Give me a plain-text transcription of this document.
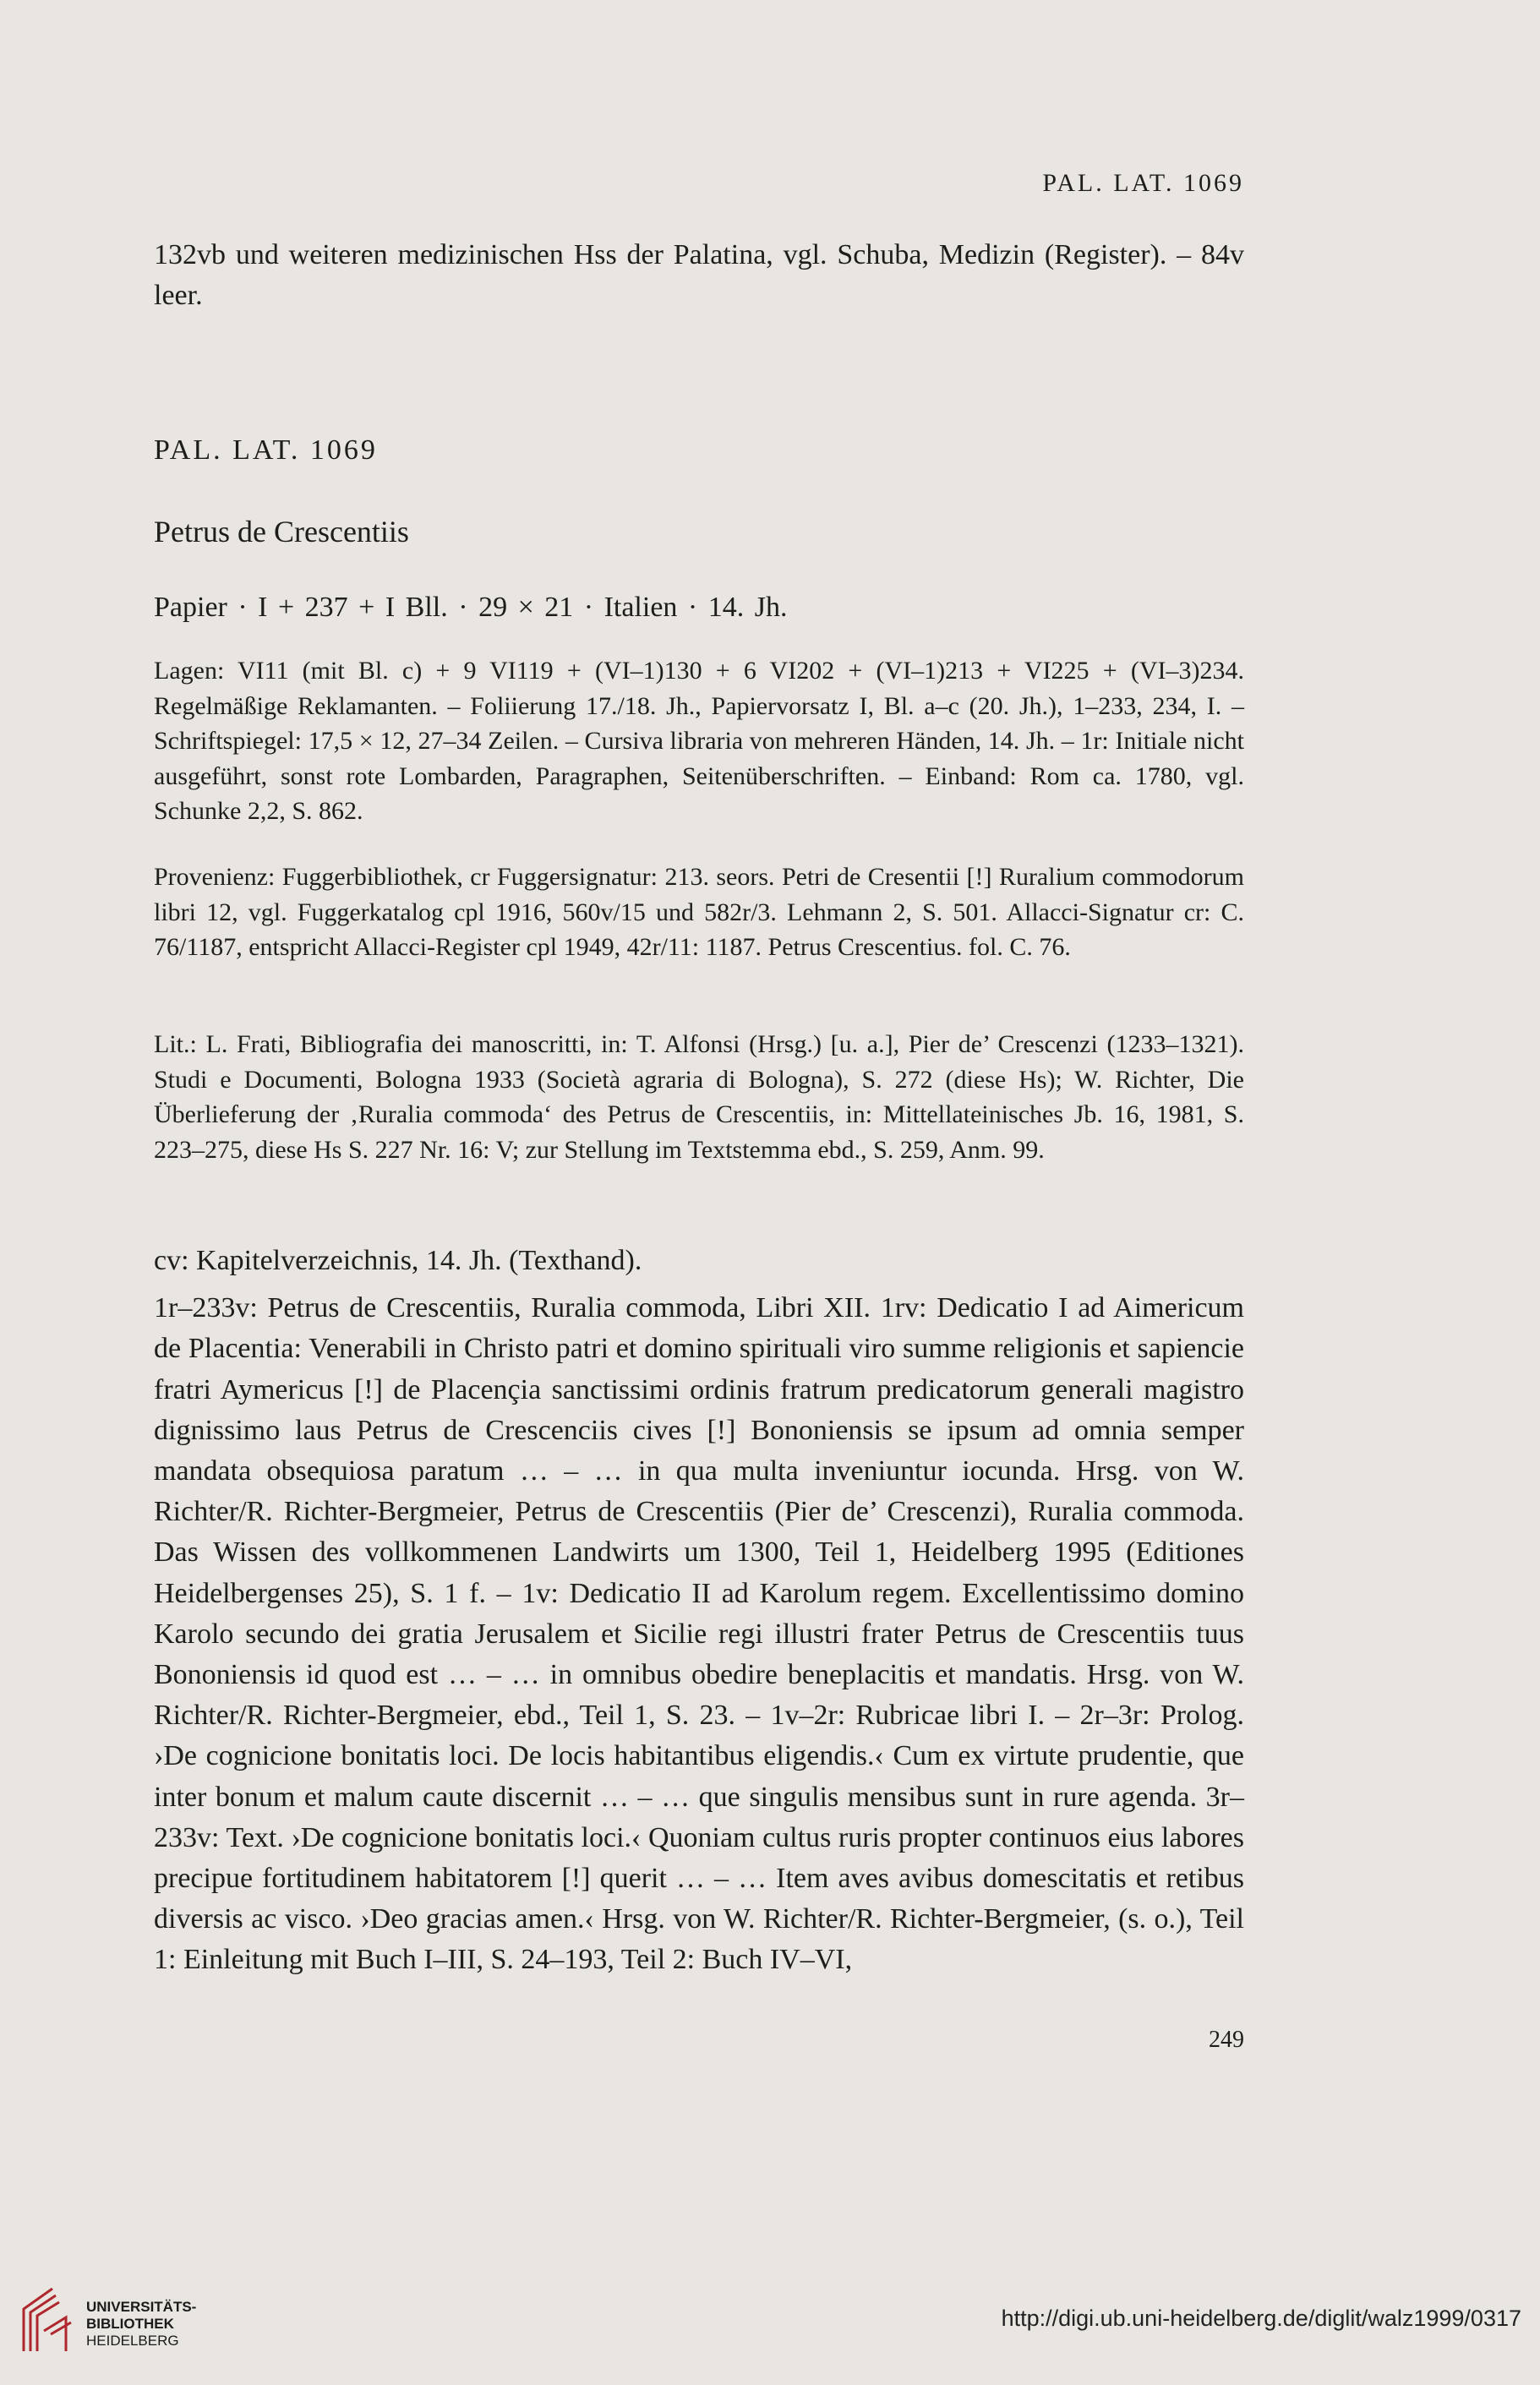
PAL. LAT. 1069
132vb und weiteren medizinischen Hss der Palatina, vgl. Schuba, Medizin (Register). – 84v leer.
PAL. LAT. 1069
Petrus de Crescentiis
Papier · I + 237 + I Bll. · 29 × 21 · Italien · 14. Jh.
Lagen: VI11 (mit Bl. c) + 9 VI119 + (VI–1)130 + 6 VI202 + (VI–1)213 + VI225 + (VI–3)234. Regelmäßige Reklamanten. – Foliierung 17./18. Jh., Papiervorsatz I, Bl. a–c (20. Jh.), 1–233, 234, I. – Schriftspiegel: 17,5 × 12, 27–34 Zeilen. – Cursiva libraria von mehreren Händen, 14. Jh. – 1r: Initiale nicht ausgeführt, sonst rote Lombarden, Paragraphen, Seitenüberschriften. – Einband: Rom ca. 1780, vgl. Schunke 2,2, S. 862.
Provenienz: Fuggerbibliothek, cr Fuggersignatur: 213. seors. Petri de Cresentii [!] Ruralium commodorum libri 12, vgl. Fuggerkatalog cpl 1916, 560v/15 und 582r/3. Lehmann 2, S. 501. Allacci-Signatur cr: C. 76/1187, entspricht Allacci-Register cpl 1949, 42r/11: 1187. Petrus Crescentius. fol. C. 76.
Lit.: L. Frati, Bibliografia dei manoscritti, in: T. Alfonsi (Hrsg.) [u. a.], Pier de’ Crescenzi (1233–1321). Studi e Documenti, Bologna 1933 (Società agraria di Bologna), S. 272 (diese Hs); W. Richter, Die Überlieferung der ‚Ruralia commoda‘ des Petrus de Crescentiis, in: Mittellateinisches Jb. 16, 1981, S. 223–275, diese Hs S. 227 Nr. 16: V; zur Stellung im Textstemma ebd., S. 259, Anm. 99.

cv: Kapitelverzeichnis, 14. Jh. (Texthand).

1r–233v: Petrus de Crescentiis, Ruralia commoda, Libri XII. 1rv: Dedicatio I ad Aimericum de Placentia: Venerabili in Christo patri et domino spirituali viro summe religionis et sapiencie fratri Aymericus [!] de Placençia sanctissimi ordinis fratrum predicatorum generali magistro dignissimo laus Petrus de Crescenciis cives [!] Bononiensis se ipsum ad omnia semper mandata obsequiosa paratum … – … in qua multa inveniuntur iocunda. Hrsg. von W. Richter/R. Richter-Bergmeier, Petrus de Crescentiis (Pier de’ Crescenzi), Ruralia commoda. Das Wissen des vollkommenen Landwirts um 1300, Teil 1, Heidelberg 1995 (Editiones Heidelbergenses 25), S. 1 f. – 1v: Dedicatio II ad Karolum regem. Excellentissimo domino Karolo secundo dei gratia Jerusalem et Sicilie regi illustri frater Petrus de Crescentiis tuus Bononiensis id quod est … – … in omnibus obedire beneplacitis et mandatis. Hrsg. von W. Richter/R. Richter-Bergmeier, ebd., Teil 1, S. 23. – 1v–2r: Rubricae libri I. – 2r–3r: Prolog. ›De cognicione bonitatis loci. De locis habitantibus eligendis.‹ Cum ex virtute prudentie, que inter bonum et malum caute discernit … – … que singulis mensibus sunt in rure agenda. 3r–233v: Text. ›De cognicione bonitatis loci.‹ Quoniam cultus ruris propter continuos eius labores precipue fortitudinem habitatorem [!] querit … – … Item aves avibus domescitatis et retibus diversis ac visco. ›Deo gracias amen.‹ Hrsg. von W. Richter/R. Richter-Bergmeier, (s. o.), Teil 1: Einleitung mit Buch I–III, S. 24–193, Teil 2: Buch IV–VI,

249
UNIVERSITÄTS-
BIBLIOTHEK
HEIDELBERG
http://digi.ub.uni-heidelberg.de/diglit/walz1999/0317
